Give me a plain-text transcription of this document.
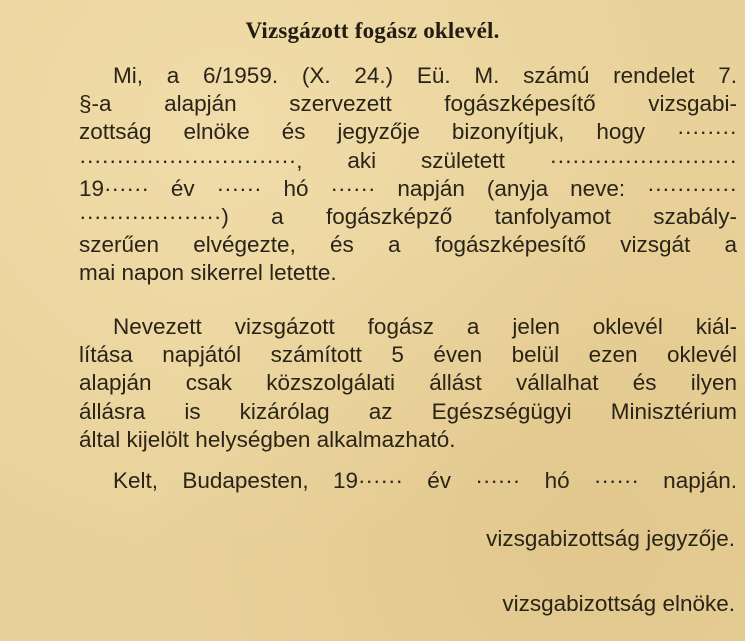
Vizsgázott fogász oklevél.
Mi, a 6/1959. (X. 24.) Eü. M. számú rendelet 7.
§-a alapján szervezett fogászképesítő vizsgabi-
zottság elnöke és jegyzője bizonyítjuk, hogy ········
·····························, aki született ·························
19······ év ······ hó ······ napján (anyja neve: ············
···················) a fogászképző tanfolyamot szabály-
szerűen elvégezte, és a fogászképesítő vizsgát a
mai napon sikerrel letette.
Nevezett vizsgázott fogász a jelen oklevél kiál-
lítása napjától számított 5 éven belül ezen oklevél
alapján csak közszolgálati állást vállalhat és ilyen
állásra is kizárólag az Egészségügyi Minisztérium
által kijelölt helységben alkalmazható.
Kelt, Budapesten, 19······ év ······ hó ······ napján.
vizsgabizottság jegyzője.
vizsgabizottság elnöke.
